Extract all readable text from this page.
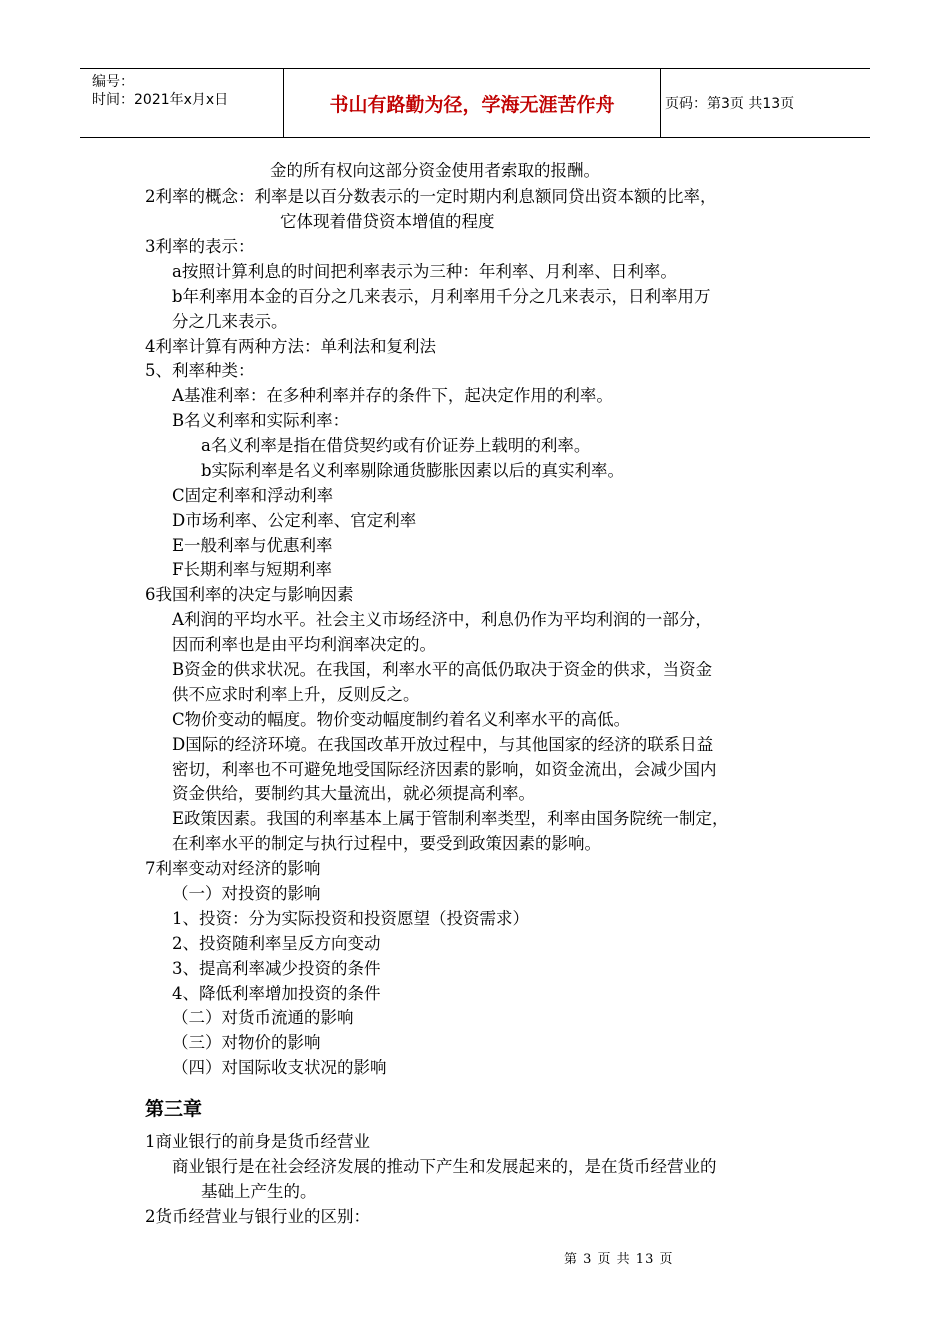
编号：
时间：2021年x月x日	书山有路勤为径，学海无涯苦作舟	页码：第3页 共13页
金的所有权向这部分资金使用者索取的报酬。
2利率的概念：利率是以百分数表示的一定时期内利息额同贷出资本额的比率，
它体现着借贷资本增值的程度
3利率的表示：
a按照计算利息的时间把利率表示为三种：年利率、月利率、日利率。
b年利率用本金的百分之几来表示，月利率用千分之几来表示，日利率用万
分之几来表示。
4利率计算有两种方法：单利法和复利法
5、利率种类：
A基准利率：在多种利率并存的条件下，起决定作用的利率。
B名义利率和实际利率：
a名义利率是指在借贷契约或有价证券上载明的利率。
b实际利率是名义利率剔除通货膨胀因素以后的真实利率。
C固定利率和浮动利率
D市场利率、公定利率、官定利率
E一般利率与优惠利率
F长期利率与短期利率
6我国利率的决定与影响因素
A利润的平均水平。社会主义市场经济中，利息仍作为平均利润的一部分，
因而利率也是由平均利润率决定的。
B资金的供求状况。在我国，利率水平的高低仍取决于资金的供求，当资金
供不应求时利率上升，反则反之。
C物价变动的幅度。物价变动幅度制约着名义利率水平的高低。
D国际的经济环境。在我国改革开放过程中，与其他国家的经济的联系日益
密切，利率也不可避免地受国际经济因素的影响，如资金流出，会减少国内
资金供给，要制约其大量流出，就必须提高利率。
E政策因素。我国的利率基本上属于管制利率类型，利率由国务院统一制定，
在利率水平的制定与执行过程中，要受到政策因素的影响。
7利率变动对经济的影响
（一）对投资的影响
1、投资：分为实际投资和投资愿望（投资需求）
2、投资随利率呈反方向变动
3、提高利率减少投资的条件
4、降低利率增加投资的条件
（二）对货币流通的影响
（三）对物价的影响
（四）对国际收支状况的影响
第三章
1商业银行的前身是货币经营业
商业银行是在社会经济发展的推动下产生和发展起来的，是在货币经营业的
基础上产生的。
2货币经营业与银行业的区别：
第 3 页 共 13 页
